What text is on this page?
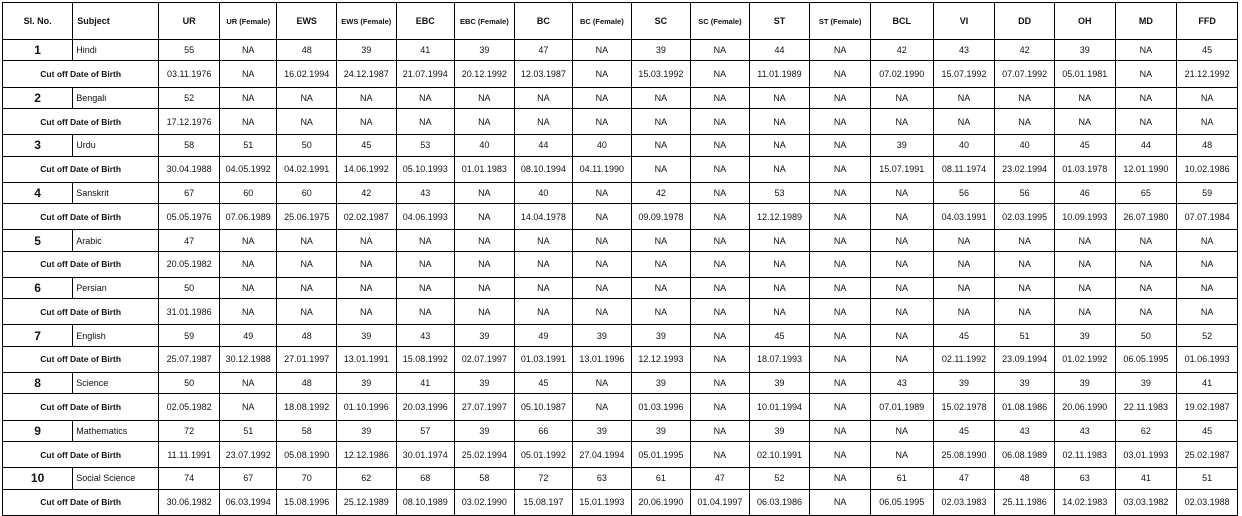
Sl. No.	Subject	UR	UR (Female)	EWS	EWS (Female)	EBC	EBC (Female)	BC	BC (Female)	SC	SC (Female)	ST	ST (Female)	BCL	VI	DD	OH	MD	FFD
1	Hindi	55	NA	48	39	41	39	47	NA	39	NA	44	NA	42	43	42	39	NA	45
Cut off Date of Birth		03.11.1976	NA	16.02.1994	24.12.1987	21.07.1994	20.12.1992	12.03.1987	NA	15.03.1992	NA	11.01.1989	NA	07.02.1990	15.07.1992	07.07.1992	05.01.1981	NA	21.12.1992
2	Bengali	52	NA	NA	NA	NA	NA	NA	NA	NA	NA	NA	NA	NA	NA	NA	NA	NA	NA
Cut off Date of Birth		17.12.1976	NA	NA	NA	NA	NA	NA	NA	NA	NA	NA	NA	NA	NA	NA	NA	NA	NA
3	Urdu	58	51	50	45	53	40	44	40	NA	NA	NA	NA	39	40	40	45	44	48
Cut off Date of Birth		30.04.1988	04.05.1992	04.02.1991	14.06.1992	05.10.1993	01.01.1983	08.10.1994	04.11.1990	NA	NA	NA	NA	15.07.1991	08.11.1974	23.02.1994	01.03.1978	12.01.1990	10.02.1986
4	Sanskrit	67	60	60	42	43	NA	40	NA	42	NA	53	NA	NA	56	56	46	65	59
Cut off Date of Birth		05.05.1976	07.06.1989	25.06.1975	02.02.1987	04.06.1993	NA	14.04.1978	NA	09.09.1978	NA	12.12.1989	NA	NA	04.03.1991	02.03.1995	10.09.1993	26.07.1980	07.07.1984
5	Arabic	47	NA	NA	NA	NA	NA	NA	NA	NA	NA	NA	NA	NA	NA	NA	NA	NA	NA
Cut off Date of Birth		20.05.1982	NA	NA	NA	NA	NA	NA	NA	NA	NA	NA	NA	NA	NA	NA	NA	NA	NA
6	Persian	50	NA	NA	NA	NA	NA	NA	NA	NA	NA	NA	NA	NA	NA	NA	NA	NA	NA
Cut off Date of Birth		31.01.1986	NA	NA	NA	NA	NA	NA	NA	NA	NA	NA	NA	NA	NA	NA	NA	NA	NA
7	English	59	49	48	39	43	39	49	39	39	NA	45	NA	NA	45	51	39	50	52
Cut off Date of Birth		25.07.1987	30.12.1988	27.01.1997	13.01.1991	15.08.1992	02.07.1997	01.03.1991	13.01.1996	12.12.1993	NA	18.07.1993	NA	NA	02.11.1992	23.09.1994	01.02.1992	06.05.1995	01.06.1993
8	Science	50	NA	48	39	41	39	45	NA	39	NA	39	NA	43	39	39	39	39	41
Cut off Date of Birth		02.05.1982	NA	18.08.1992	01.10.1996	20.03.1996	27.07.1997	05.10.1987	NA	01.03.1996	NA	10.01.1994	NA	07.01.1989	15.02.1978	01.08.1986	20.06.1990	22.11.1983	19.02.1987
9	Mathematics	72	51	58	39	57	39	66	39	39	NA	39	NA	NA	45	43	43	62	45
Cut off Date of Birth		11.11.1991	23.07.1992	05.08.1990	12.12.1986	30.01.1974	25.02.1994	05.01.1992	27.04.1994	05.01.1995	NA	02.10.1991	NA	NA	25.08.1990	06.08.1989	02.11.1983	03.01.1993	25.02.1987
10	Social Science	74	67	70	62	68	58	72	63	61	47	52	NA	61	47	48	63	41	51
Cut off Date of Birth		30.06.1982	06.03.1994	15.08.1996	25.12.1989	08.10.1989	03.02.1990	15.08.197	15.01.1993	20.06.1990	01.04.1997	06.03.1986	NA	06.05.1995	02.03.1983	25.11.1986	14.02.1983	03.03.1982	02.03.1988
